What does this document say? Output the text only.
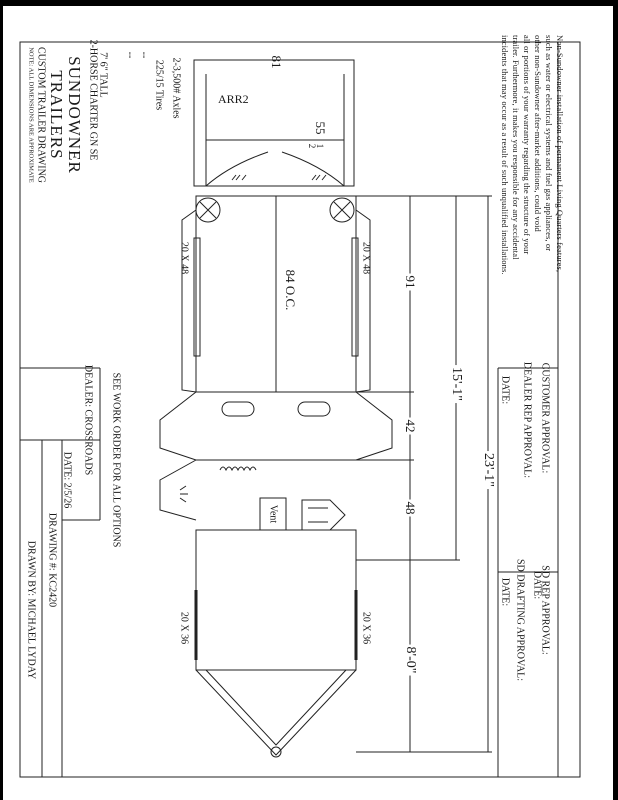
Non-Sundowner installation of permanent Living Quarters features,
such as water or electrical systems and fuel gas appliances, or
other non-Sundowner after-market additions, could void
all or portions of your warranty regarding the structure of your
trailer. Furthermore, it makes you responsible for any accidental
incidents that may occur as a result of such unqualified installations.
CUSTOMER APPROVAL:
DATE: DEALER REP APPROVAL:
SD REP APPROVAL:
DATE:
SD DRAFTING APPROVAL:
DATE:
2-3,500# Axles
225/15 Tires
--
--
7' 6" TALL
2-HORSE CHARTER GN SE
SEE WORK ORDER FOR ALL OPTIONS
SUNDOWNER
TRAILERS
CUSTOM TRAILER DRAWING
NOTE: ALL DIMENSIONS ARE APPROXIMATE
DEALER: CROSSROADS
DATE: 2/5/26
DRAWING #: KC2420
DRAWN BY: MICHAEL LYDAY
81
ARR2
55
1
2
20 X 48	20 X 48
84 O.C.
20 X 36	20 X 36
Vent
91
42
48
15'-1"
23'-1"
8'-0"
